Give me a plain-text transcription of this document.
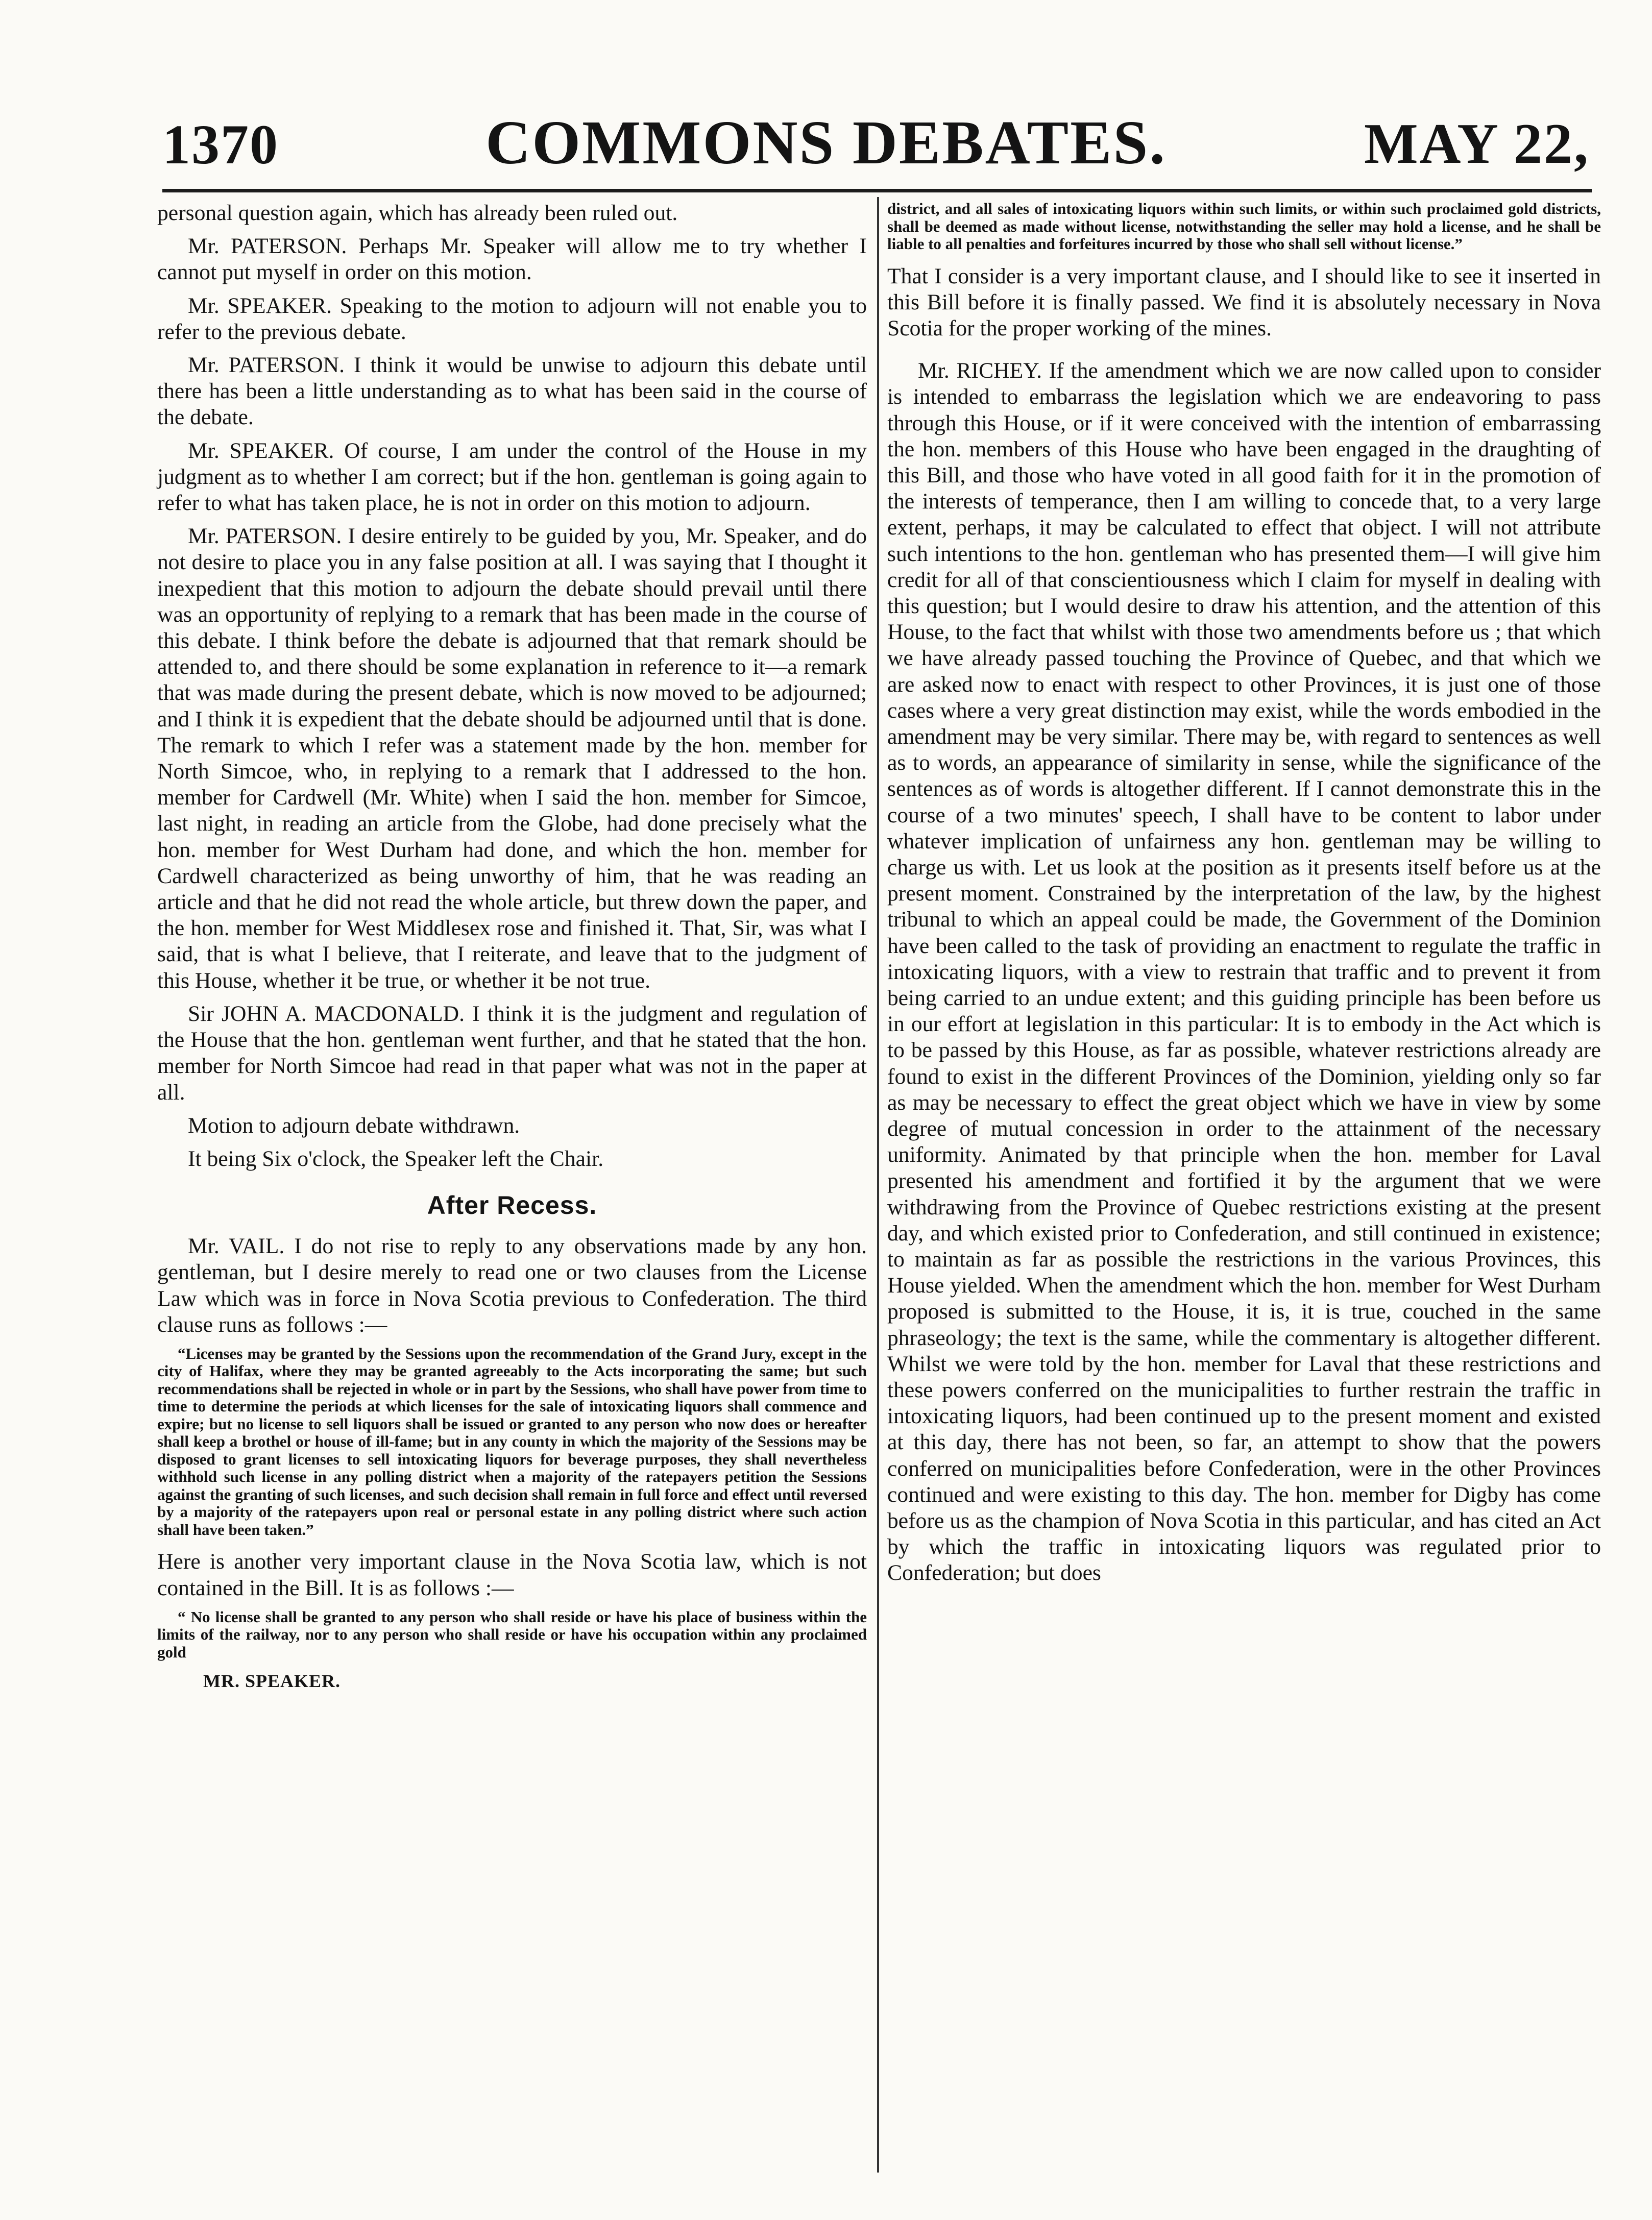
1370	COMMONS DEBATES.	MAY 22,

personal question again, which has already been ruled out.

Mr. PATERSON. Perhaps Mr. Speaker will allow me to try whether I cannot put myself in order on this motion.

Mr. SPEAKER. Speaking to the motion to adjourn will not enable you to refer to the previous debate.

Mr. PATERSON. I think it would be unwise to adjourn this debate until there has been a little understanding as to what has been said in the course of the debate.

Mr. SPEAKER. Of course, I am under the control of the House in my judgment as to whether I am correct; but if the hon. gentleman is going again to refer to what has taken place, he is not in order on this motion to adjourn.

Mr. PATERSON. I desire entirely to be guided by you, Mr. Speaker, and do not desire to place you in any false position at all. I was saying that I thought it inexpedient that this motion to adjourn the debate should prevail until there was an opportunity of replying to a remark that has been made in the course of this debate. I think before the debate is adjourned that that remark should be attended to, and there should be some explanation in reference to it—a remark that was made during the present debate, which is now moved to be adjourned; and I think it is expedient that the debate should be adjourned until that is done. The remark to which I refer was a statement made by the hon. member for North Simcoe, who, in replying to a remark that I addressed to the hon. member for Cardwell (Mr. White) when I said the hon. member for Simcoe, last night, in reading an article from the Globe, had done precisely what the hon. member for West Durham had done, and which the hon. member for Cardwell characterized as being unworthy of him, that he was reading an article and that he did not read the whole article, but threw down the paper, and the hon. member for West Middlesex rose and finished it. That, Sir, was what I said, that is what I believe, that I reiterate, and leave that to the judgment of this House, whether it be true, or whether it be not true.

Sir JOHN A. MACDONALD. I think it is the judgment and regulation of the House that the hon. gentleman went further, and that he stated that the hon. member for North Simcoe had read in that paper what was not in the paper at all.

Motion to adjourn debate withdrawn.

It being Six o'clock, the Speaker left the Chair.

After Recess.

Mr. VAIL. I do not rise to reply to any observations made by any hon. gentleman, but I desire merely to read one or two clauses from the License Law which was in force in Nova Scotia previous to Confederation. The third clause runs as follows :—

“Licenses may be granted by the Sessions upon the recommendation of the Grand Jury, except in the city of Halifax, where they may be granted agreeably to the Acts incorporating the same; but such recommendations shall be rejected in whole or in part by the Sessions, who shall have power from time to time to determine the periods at which licenses for the sale of intoxicating liquors shall commence and expire; but no license to sell liquors shall be issued or granted to any person who now does or hereafter shall keep a brothel or house of ill-fame; but in any county in which the majority of the Sessions may be disposed to grant licenses to sell intoxicating liquors for beverage purposes, they shall nevertheless withhold such license in any polling district when a majority of the ratepayers petition the Sessions against the granting of such licenses, and such decision shall remain in full force and effect until reversed by a majority of the ratepayers upon real or personal estate in any polling district where such action shall have been taken.”

Here is another very important clause in the Nova Scotia law, which is not contained in the Bill. It is as follows :—

“ No license shall be granted to any person who shall reside or have his place of business within the limits of the railway, nor to any person who shall reside or have his occupation within any proclaimed gold

MR. SPEAKER.

district, and all sales of intoxicating liquors within such limits, or within such proclaimed gold districts, shall be deemed as made without license, notwithstanding the seller may hold a license, and he shall be liable to all penalties and forfeitures incurred by those who shall sell without license.”

That I consider is a very important clause, and I should like to see it inserted in this Bill before it is finally passed. We find it is absolutely necessary in Nova Scotia for the proper working of the mines.

Mr. RICHEY. If the amendment which we are now called upon to consider is intended to embarrass the legislation which we are endeavoring to pass through this House, or if it were conceived with the intention of embarrassing the hon. members of this House who have been engaged in the draughting of this Bill, and those who have voted in all good faith for it in the promotion of the interests of temperance, then I am willing to concede that, to a very large extent, perhaps, it may be calculated to effect that object. I will not attribute such intentions to the hon. gentleman who has presented them—I will give him credit for all of that conscientiousness which I claim for myself in dealing with this question; but I would desire to draw his attention, and the attention of this House, to the fact that whilst with those two amendments before us ; that which we have already passed touching the Province of Quebec, and that which we are asked now to enact with respect to other Provinces, it is just one of those cases where a very great distinction may exist, while the words embodied in the amendment may be very similar. There may be, with regard to sentences as well as to words, an appearance of similarity in sense, while the significance of the sentences as of words is altogether different. If I cannot demonstrate this in the course of a two minutes' speech, I shall have to be content to labor under whatever implication of unfairness any hon. gentleman may be willing to charge us with. Let us look at the position as it presents itself before us at the present moment. Constrained by the interpretation of the law, by the highest tribunal to which an appeal could be made, the Government of the Dominion have been called to the task of providing an enactment to regulate the traffic in intoxicating liquors, with a view to restrain that traffic and to prevent it from being carried to an undue extent; and this guiding principle has been before us in our effort at legislation in this particular: It is to embody in the Act which is to be passed by this House, as far as possible, whatever restrictions already are found to exist in the different Provinces of the Dominion, yielding only so far as may be necessary to effect the great object which we have in view by some degree of mutual concession in order to the attainment of the necessary uniformity. Animated by that principle when the hon. member for Laval presented his amendment and fortified it by the argument that we were withdrawing from the Province of Quebec restrictions existing at the present day, and which existed prior to Confederation, and still continued in existence; to maintain as far as possible the restrictions in the various Provinces, this House yielded. When the amendment which the hon. member for West Durham proposed is submitted to the House, it is, it is true, couched in the same phraseology; the text is the same, while the commentary is altogether different. Whilst we were told by the hon. member for Laval that these restrictions and these powers conferred on the municipalities to further restrain the traffic in intoxicating liquors, had been continued up to the present moment and existed at this day, there has not been, so far, an attempt to show that the powers conferred on municipalities before Confederation, were in the other Provinces continued and were existing to this day. The hon. member for Digby has come before us as the champion of Nova Scotia in this particular, and has cited an Act by which the traffic in intoxicating liquors was regulated prior to Confederation; but does
